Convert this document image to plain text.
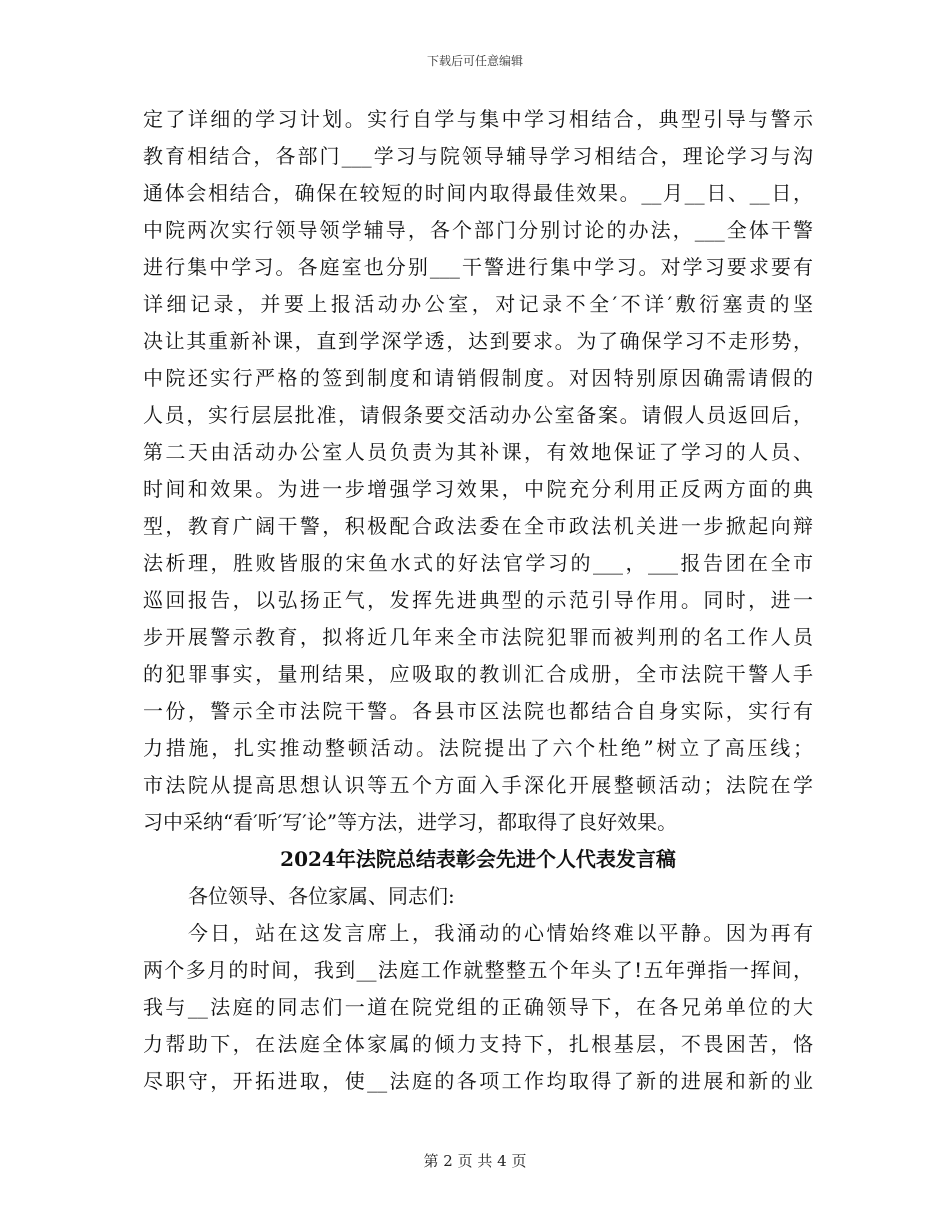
下载后可任意编辑
定了详细的学习计划。实行自学与集中学习相结合，典型引导与警示
教育相结合，各部门___学习与院领导辅导学习相结合，理论学习与沟
通体会相结合，确保在较短的时间内取得最佳效果。__月__日、__日，
中院两次实行领导领学辅导，各个部门分别讨论的办法，___全体干警
进行集中学习。各庭室也分别___干警进行集中学习。对学习要求要有
详细记录，并要上报活动办公室，对记录不全′不详′敷衍塞责的坚
决让其重新补课，直到学深学透，达到要求。为了确保学习不走形势，
中院还实行严格的签到制度和请销假制度。对因特别原因确需请假的
人员，实行层层批准，请假条要交活动办公室备案。请假人员返回后，
第二天由活动办公室人员负责为其补课，有效地保证了学习的人员、
时间和效果。为进一步增强学习效果，中院充分利用正反两方面的典
型，教育广阔干警，积极配合政法委在全市政法机关进一步掀起向辩
法析理，胜败皆服的宋鱼水式的好法官学习的___，___报告团在全市
巡回报告，以弘扬正气，发挥先进典型的示范引导作用。同时，进一
步开展警示教育，拟将近几年来全市法院犯罪而被判刑的名工作人员
的犯罪事实，量刑结果，应吸取的教训汇合成册，全市法院干警人手
一份，警示全市法院干警。各县市区法院也都结合自身实际，实行有
力措施，扎实推动整顿活动。法院提出了六个杜绝”树立了高压线；
市法院从提高思想认识等五个方面入手深化开展整顿活动；法院在学
习中采纳“看′听′写′论”等方法，进学习，都取得了良好效果。
2024年法院总结表彰会先进个人代表发言稿
各位领导、各位家属、同志们:
　　今日，站在这发言席上，我涌动的心情始终难以平静。因为再有
两个多月的时间，我到__法庭工作就整整五个年头了!五年弹指一挥间，
我与__法庭的同志们一道在院党组的正确领导下，在各兄弟单位的大
力帮助下，在法庭全体家属的倾力支持下，扎根基层，不畏困苦，恪
尽职守，开拓进取，使__法庭的各项工作均取得了新的进展和新的业
第 2 页 共 4 页
